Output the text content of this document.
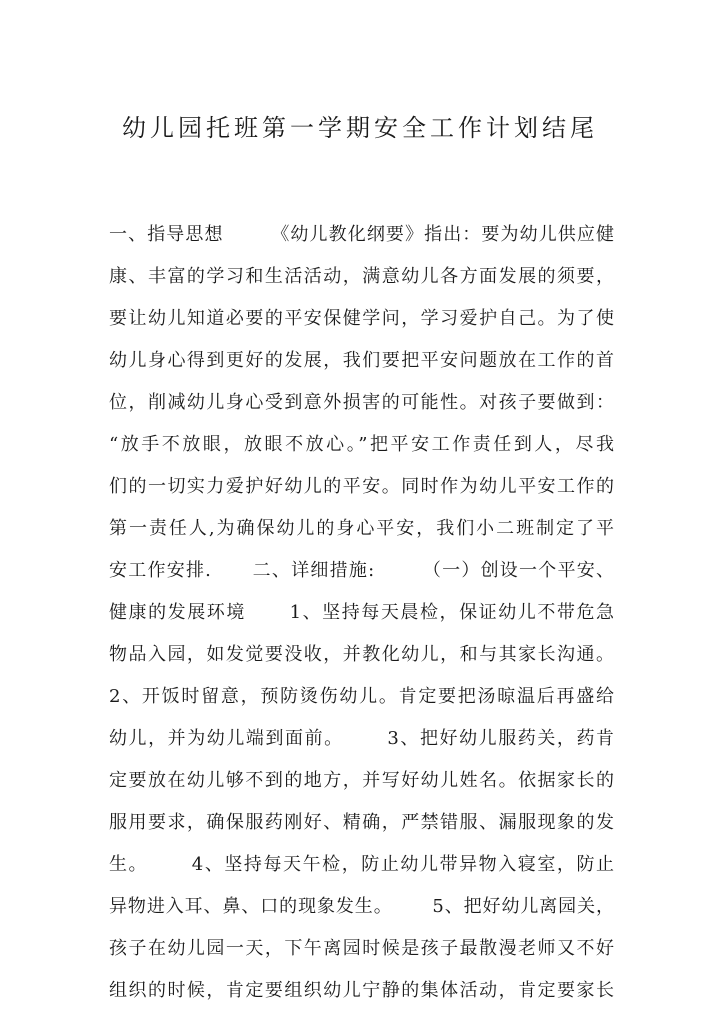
幼儿园托班第一学期安全工作计划结尾
一、指导思想       《幼儿教化纲要》指出：要为幼儿供应健
康、丰富的学习和生活活动，满意幼儿各方面发展的须要，
要让幼儿知道必要的平安保健学问，学习爱护自己。为了使
幼儿身心得到更好的发展，我们要把平安问题放在工作的首
位，削减幼儿身心受到意外损害的可能性。对孩子要做到：
“放手不放眼，放眼不放心。”把平安工作责任到人，尽我
们的一切实力爱护好幼儿的平安。同时作为幼儿平安工作的
第一责任人,为确保幼儿的身心平安，我们小二班制定了平
安工作安排.      二、详细措施:       （一）创设一个平安、
健康的发展环境      1、坚持每天晨检，保证幼儿不带危急
物品入园，如发觉要没收，并教化幼儿，和与其家长沟通。
2、开饭时留意，预防烫伤幼儿。肯定要把汤晾温后再盛给
幼儿，并为幼儿端到面前。      3、把好幼儿服药关，药肯
定要放在幼儿够不到的地方，并写好幼儿姓名。依据家长的
服用要求，确保服药刚好、精确，严禁错服、漏服现象的发
生。      4、坚持每天午检，防止幼儿带异物入寝室，防止
异物进入耳、鼻、口的现象发生。      5、把好幼儿离园关，
孩子在幼儿园一天，下午离园时候是孩子最散漫老师又不好
组织的时候，肯定要组织幼儿宁静的集体活动，肯定要家长
